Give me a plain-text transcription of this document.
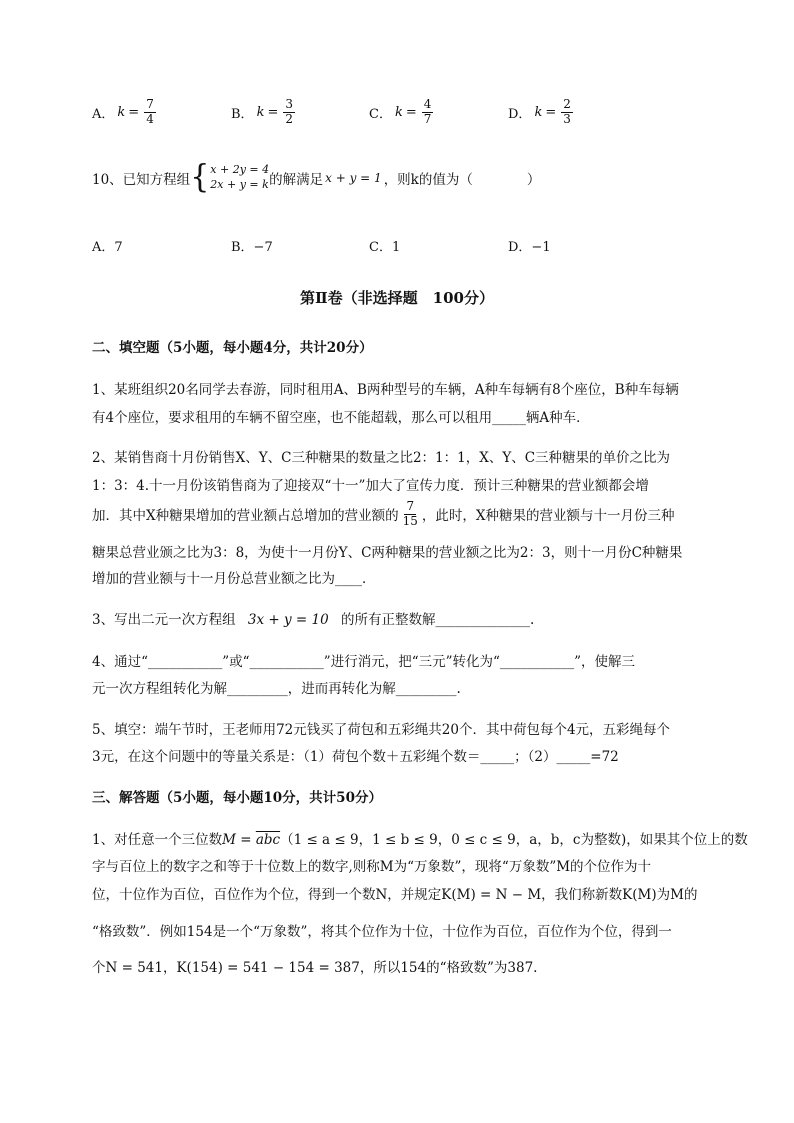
A． $k = \frac{7}{4}$	B． $k = \frac{3}{2}$	C． $k = \frac{4}{7}$	D． $k = \frac{2}{3}$
10、已知方程组 { x + 2y = 4
2x + y = k 的解满足 x + y = 1 ，则k的值为（　　　　）
A．7	B．−7	C．1	D．−1
第Ⅱ卷（非选择题　100分）
二、填空题（5小题，每小题4分，共计20分）
1、某班组织20名同学去春游，同时租用A、B两种型号的车辆，A种车每辆有8个座位，B种车每辆
有4个座位，要求租用的车辆不留空座，也不能超载，那么可以租用_____辆A种车．
2、某销售商十月份销售X、Y、C三种糖果的数量之比2：1：1，X、Y、C三种糖果的单价之比为
1：3：4.十一月份该销售商为了迎接双“十一”加大了宣传力度．预计三种糖果的营业额都会增
加．其中X种糖果增加的营业额占总增加的营业额的 $\frac{7}{15}$ ，此时，X种糖果的营业额与十一月份三种
糖果总营业颁之比为3：8，为使十一月份Y、C两种糖果的营业额之比为2：3，则十一月份C种糖果
增加的营业额与十一月份总营业额之比为____．
3、写出二元一次方程组 3x + y = 10 的所有正整数解______________.
4、通过“___________”或“___________”进行消元，把“三元”转化为“___________”，使解三
元一次方程组转化为解_________，进而再转化为解_________.
5、填空：端午节时，王老师用72元钱买了荷包和五彩绳共20个．其中荷包每个4元，五彩绳每个
3元，在这个问题中的等量关系是：（1）荷包个数＋五彩绳个数＝_____；（2）_____=72
三、解答题（5小题，每小题10分，共计50分）
1、对任意一个三位数$M = \overline{abc}(1 \le a \le 9$，1 ≤ b ≤ 9，0 ≤ c ≤ 9，a，b，c为整数)，如果其个位上的数
字与百位上的数字之和等于十位数上的数字,则称M为“万象数”，现将“万象数”M的个位作为十
位，十位作为百位，百位作为个位，得到一个数N，并规定K(M) = N − M，我们称新数K(M)为M的
“格致数”．例如154是一个“万象数”，将其个位作为十位，十位作为百位，百位作为个位，得到一
个N = 541，K(154) = 541 − 154 = 387，所以154的“格致数”为387.
